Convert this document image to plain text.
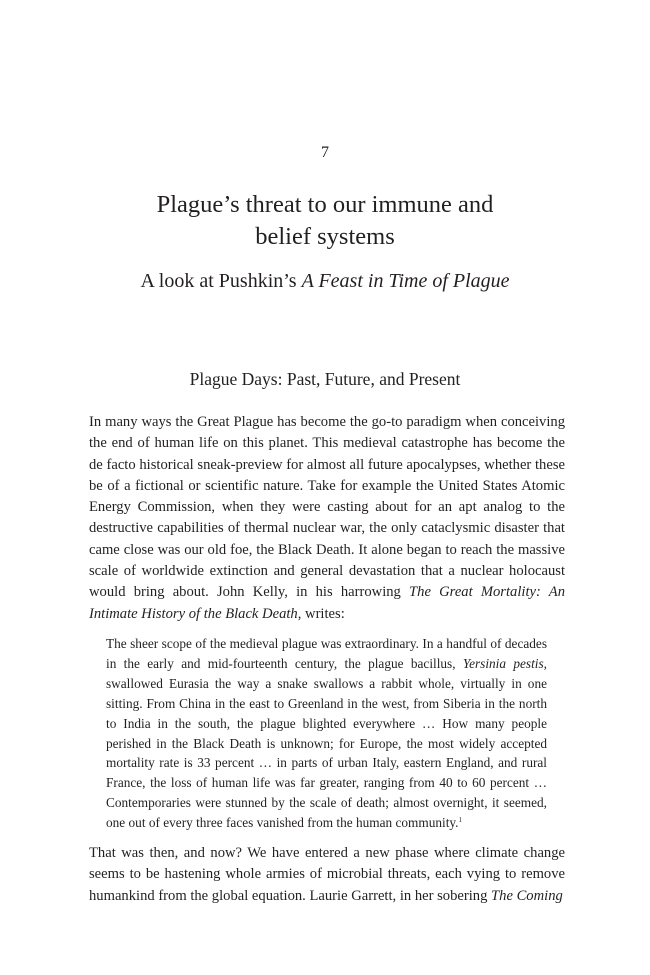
7
Plague’s threat to our immune and
belief systems
A look at Pushkin’s A Feast in Time of Plague
Plague Days: Past, Future, and Present

In many ways the Great Plague has become the go-to paradigm when conceiving the end of human life on this planet. This medieval catastrophe has become the de facto historical sneak-preview for almost all future apocalypses, whether these be of a fictional or scientific nature. Take for example the United States Atomic Energy Commission, when they were casting about for an apt analog to the destructive capabilities of thermal nuclear war, the only cataclysmic disaster that came close was our old foe, the Black Death. It alone began to reach the massive scale of worldwide extinction and general devastation that a nuclear holocaust would bring about. John Kelly, in his harrowing The Great Mortality: An Intimate History of the Black Death, writes:

The sheer scope of the medieval plague was extraordinary. In a handful of decades in the early and mid-fourteenth century, the plague bacillus, Yersinia pestis, swallowed Eurasia the way a snake swallows a rabbit whole, virtually in one sitting. From China in the east to Greenland in the west, from Siberia in the north to India in the south, the plague blighted everywhere … How many people perished in the Black Death is unknown; for Europe, the most widely accepted mortality rate is 33 percent … in parts of urban Italy, eastern England, and rural France, the loss of human life was far greater, ranging from 40 to 60 percent … Contemporaries were stunned by the scale of death; almost overnight, it seemed, one out of every three faces vanished from the human community.$^1$

That was then, and now? We have entered a new phase where climate change seems to be hastening whole armies of microbial threats, each vying to remove humankind from the global equation. Laurie Garrett, in her sobering The Coming
